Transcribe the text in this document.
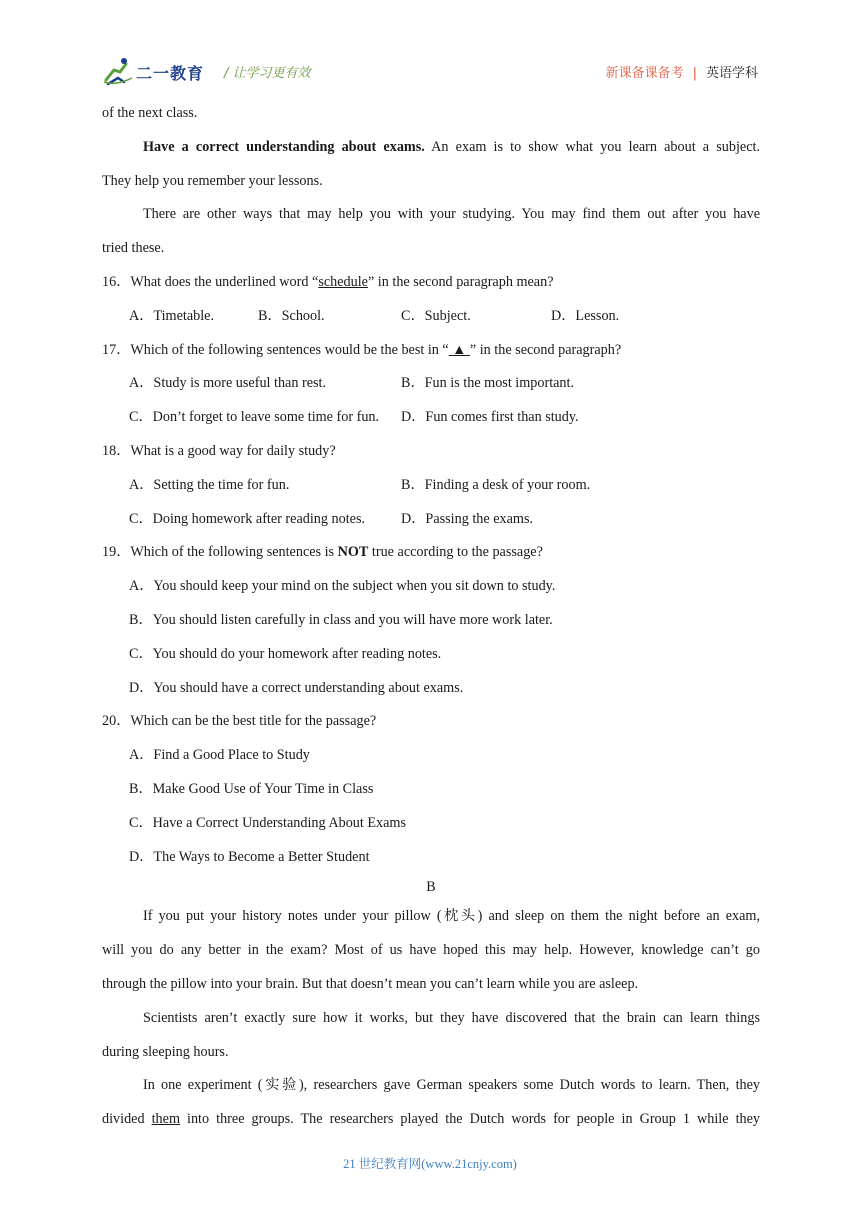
二一教育 / 让学习更有效	新课备课备考 | 英语学科
of the next class.
Have a correct understanding about exams. An exam is to show what you learn about a subject.
They help you remember your lessons.
There are other ways that may help you with your studying. You may find them out after you have
tried these.
16．What does the underlined word “schedule” in the second paragraph mean?
A．Timetable.	B．School.	C．Subject.	D．Lesson.
17．Which of the following sentences would be the best in “ ▲ ” in the second paragraph?
A．Study is more useful than rest.	B．Fun is the most important.
C．Don’t forget to leave some time for fun. D．Fun comes first than study.
18．What is a good way for daily study?
A．Setting the time for fun.	B．Finding a desk of your room.
C．Doing homework after reading notes.	D．Passing the exams.
19．Which of the following sentences is NOT true according to the passage?
A．You should keep your mind on the subject when you sit down to study.
B．You should listen carefully in class and you will have more work later.
C．You should do your homework after reading notes.
D．You should have a correct understanding about exams.
20．Which can be the best title for the passage?
A．Find a Good Place to Study
B．Make Good Use of Your Time in Class
C．Have a Correct Understanding About Exams
D．The Ways to Become a Better Student
B
If you put your history notes under your pillow (枕头) and sleep on them the night before an exam,
will you do any better in the exam? Most of us have hoped this may help. However, knowledge can’t go
through the pillow into your brain. But that doesn’t mean you can’t learn while you are asleep.
Scientists aren’t exactly sure how it works, but they have discovered that the brain can learn things
during sleeping hours.
In one experiment (实验), researchers gave German speakers some Dutch words to learn. Then, they
divided them into three groups. The researchers played the Dutch words for people in Group 1 while they
21 世纪教育网(www.21cnjy.com)
